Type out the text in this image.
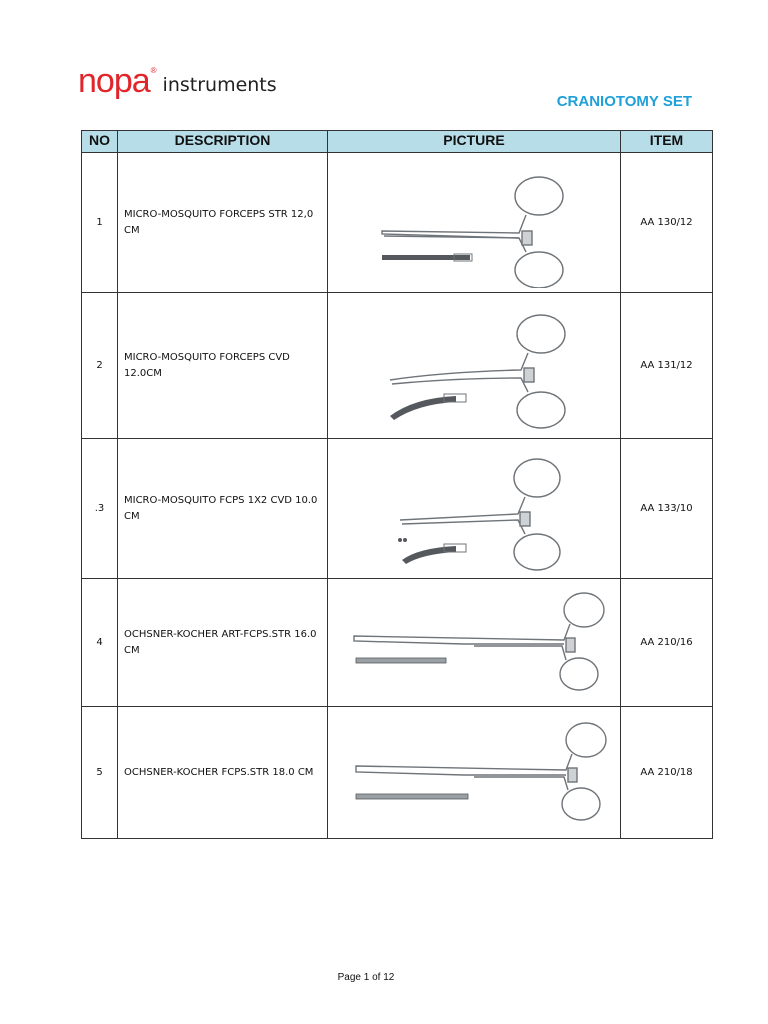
nopa ®
instruments
CRANIOTOMY SET
NO	DESCRIPTION	PICTURE	ITEM
1	MICRO-MOSQUITO FORCEPS STR 12,0 CM		AA 130/12
2	MICRO-MOSQUITO FORCEPS CVD 12.0CM		AA 131/12
.3	MICRO-MOSQUITO FCPS 1X2 CVD 10.0 CM		AA 133/10
4	OCHSNER-KOCHER ART-FCPS.STR 16.0 CM		AA 210/16
5	OCHSNER-KOCHER FCPS.STR 18.0 CM		AA 210/18
Page 1 of 12
